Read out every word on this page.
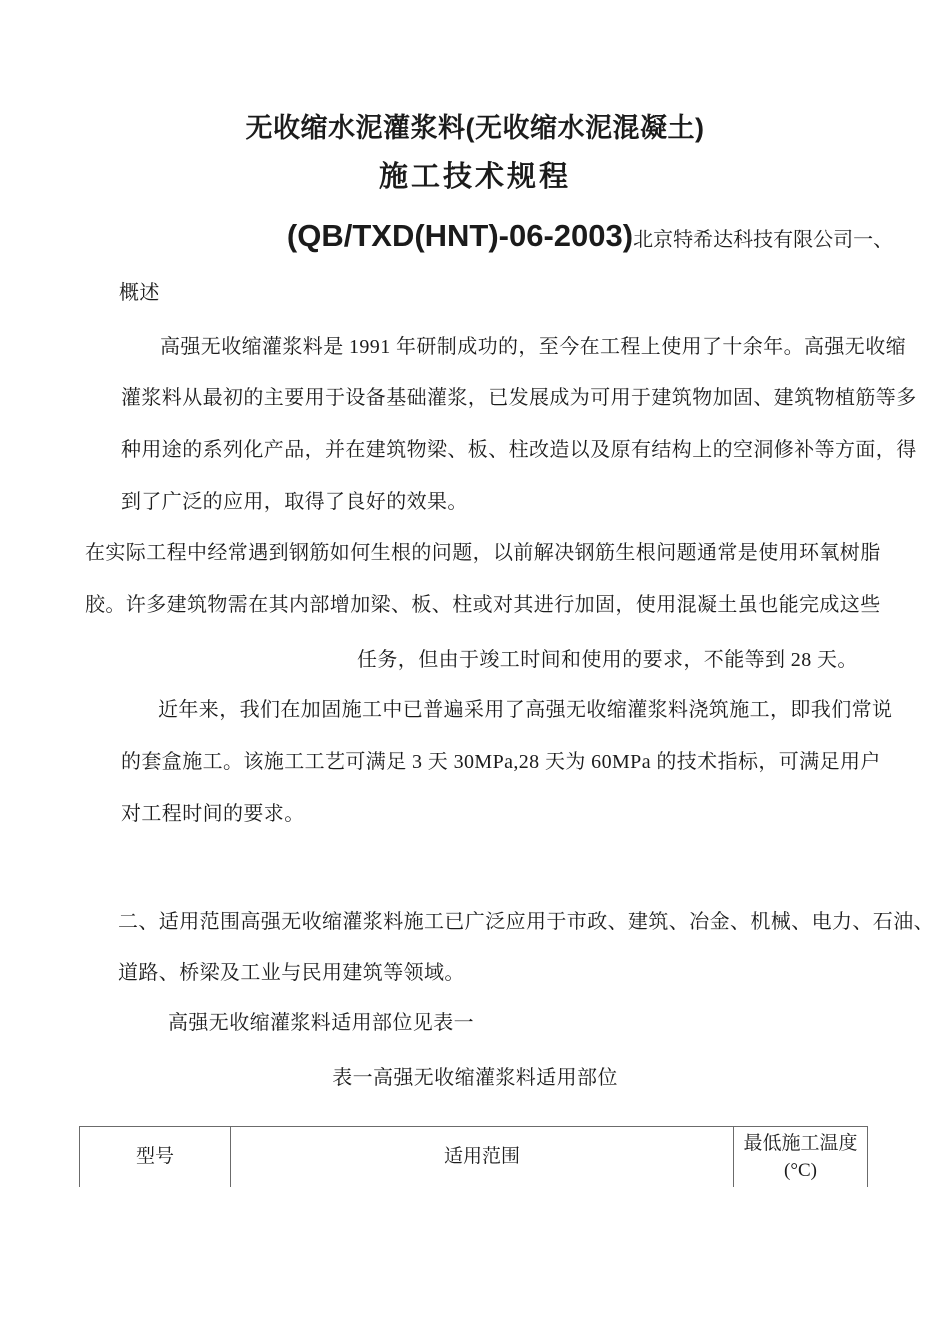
无收缩水泥灌浆料(无收缩水泥混凝土)
施工技术规程
(QB/TXD(HNT)-06-2003)北京特希达科技有限公司一、
概述
高强无收缩灌浆料是 1991 年研制成功的，至今在工程上使用了十余年。高强无收缩
灌浆料从最初的主要用于设备基础灌浆，已发展成为可用于建筑物加固、建筑物植筋等多
种用途的系列化产品，并在建筑物梁、板、柱改造以及原有结构上的空洞修补等方面，得
到了广泛的应用，取得了良好的效果。
在实际工程中经常遇到钢筋如何生根的问题，以前解决钢筋生根问题通常是使用环氧树脂
胶。许多建筑物需在其内部增加梁、板、柱或对其进行加固，使用混凝土虽也能完成这些
任务，但由于竣工时间和使用的要求，不能等到 28 天。
近年来，我们在加固施工中已普遍采用了高强无收缩灌浆料浇筑施工，即我们常说
的套盒施工。该施工工艺可满足 3 天 30MPa,28 天为 60MPa 的技术指标，可满足用户
对工程时间的要求。
二、适用范围高强无收缩灌浆料施工已广泛应用于市政、建筑、冶金、机械、电力、石油、
道路、桥梁及工业与民用建筑等领域。
高强无收缩灌浆料适用部位见表一
表一高强无收缩灌浆料适用部位
型号	适用范围
最低施工温度
(°C)
